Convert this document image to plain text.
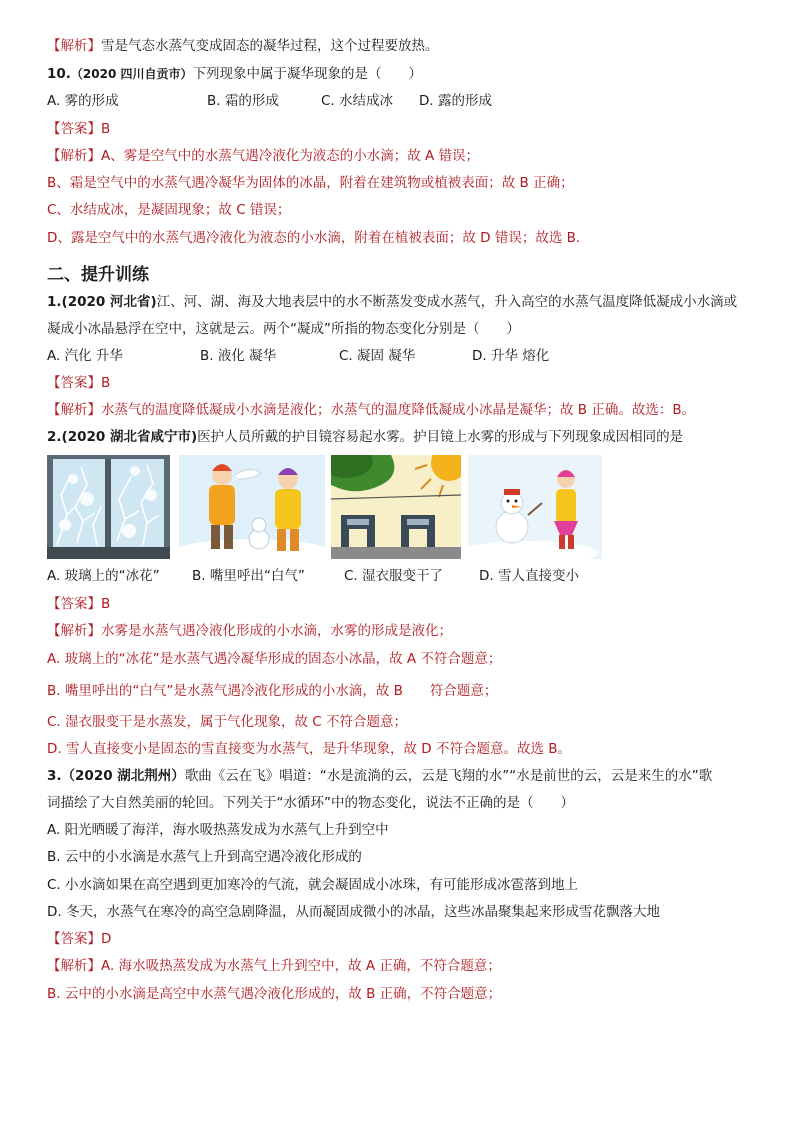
【解析】雪是气态水蒸气变成固态的凝华过程，这个过程要放热。
10.（2020 四川自贡市）下列现象中属于凝华现象的是（　　）
A. 雾的形成	B. 霜的形成	C. 水结成冰 D. 露的形成
【答案】B
【解析】A、雾是空气中的水蒸气遇冷液化为液态的小水滴；故 A 错误；
B、霜是空气中的水蒸气遇冷凝华为固体的冰晶，附着在建筑物或植被表面；故 B 正确；
C、水结成冰，是凝固现象；故 C 错误；
D、露是空气中的水蒸气遇冷液化为液态的小水滴，附着在植被表面；故 D 错误；故选 B.
二、提升训练
1.(2020 河北省)江、河、湖、海及大地表层中的水不断蒸发变成水蒸气，升入高空的水蒸气温度降低凝成小水滴或
凝成小冰晶悬浮在空中，这就是云。两个“凝成”所指的物态变化分别是（　　）
A. 汽化 升华	B. 液化 凝华	C. 凝固 凝华	D. 升华 熔化
【答案】B
【解析】水蒸气的温度降低凝成小水滴是液化；水蒸气的温度降低凝成小冰晶是凝华；故 B 正确。故选：B。
2.(2020 湖北省咸宁市)医护人员所戴的护目镜容易起水雾。护目镜上水雾的形成与下列现象成因相同的是
A. 玻璃上的“冰花” B. 嘴里呼出“白气”	C. 湿衣服变干了	D. 雪人直接变小
【答案】B
【解析】水雾是水蒸气遇冷液化形成的小水滴，水雾的形成是液化；
A. 玻璃上的“冰花”是水蒸气遇冷凝华形成的固态小冰晶，故 A 不符合题意；
B. 嘴里呼出的“白气”是水蒸气遇冷液化形成的小水滴，故 B　　符合题意；
C. 湿衣服变干是水蒸发，属于气化现象，故 C 不符合题意；
D. 雪人直接变小是固态的雪直接变为水蒸气，是升华现象，故 D 不符合题意。故选 B。
3.（2020 湖北荆州）歌曲《云在飞》唱道：“水是流淌的云，云是飞翔的水”“水是前世的云，云是来生的水”歌
词描绘了大自然美丽的轮回。下列关于“水循环”中的物态变化，说法不正确的是（　　）
A. 阳光晒暖了海洋，海水吸热蒸发成为水蒸气上升到空中
B. 云中的小水滴是水蒸气上升到高空遇冷液化形成的
C. 小水滴如果在高空遇到更加寒冷的气流，就会凝固成小冰珠，有可能形成冰雹落到地上
D. 冬天，水蒸气在寒冷的高空急剧降温，从而凝固成微小的冰晶，这些冰晶聚集起来形成雪花飘落大地
【答案】D
【解析】A. 海水吸热蒸发成为水蒸气上升到空中，故 A 正确，不符合题意；
B. 云中的小水滴是高空中水蒸气遇冷液化形成的，故 B 正确，不符合题意；
